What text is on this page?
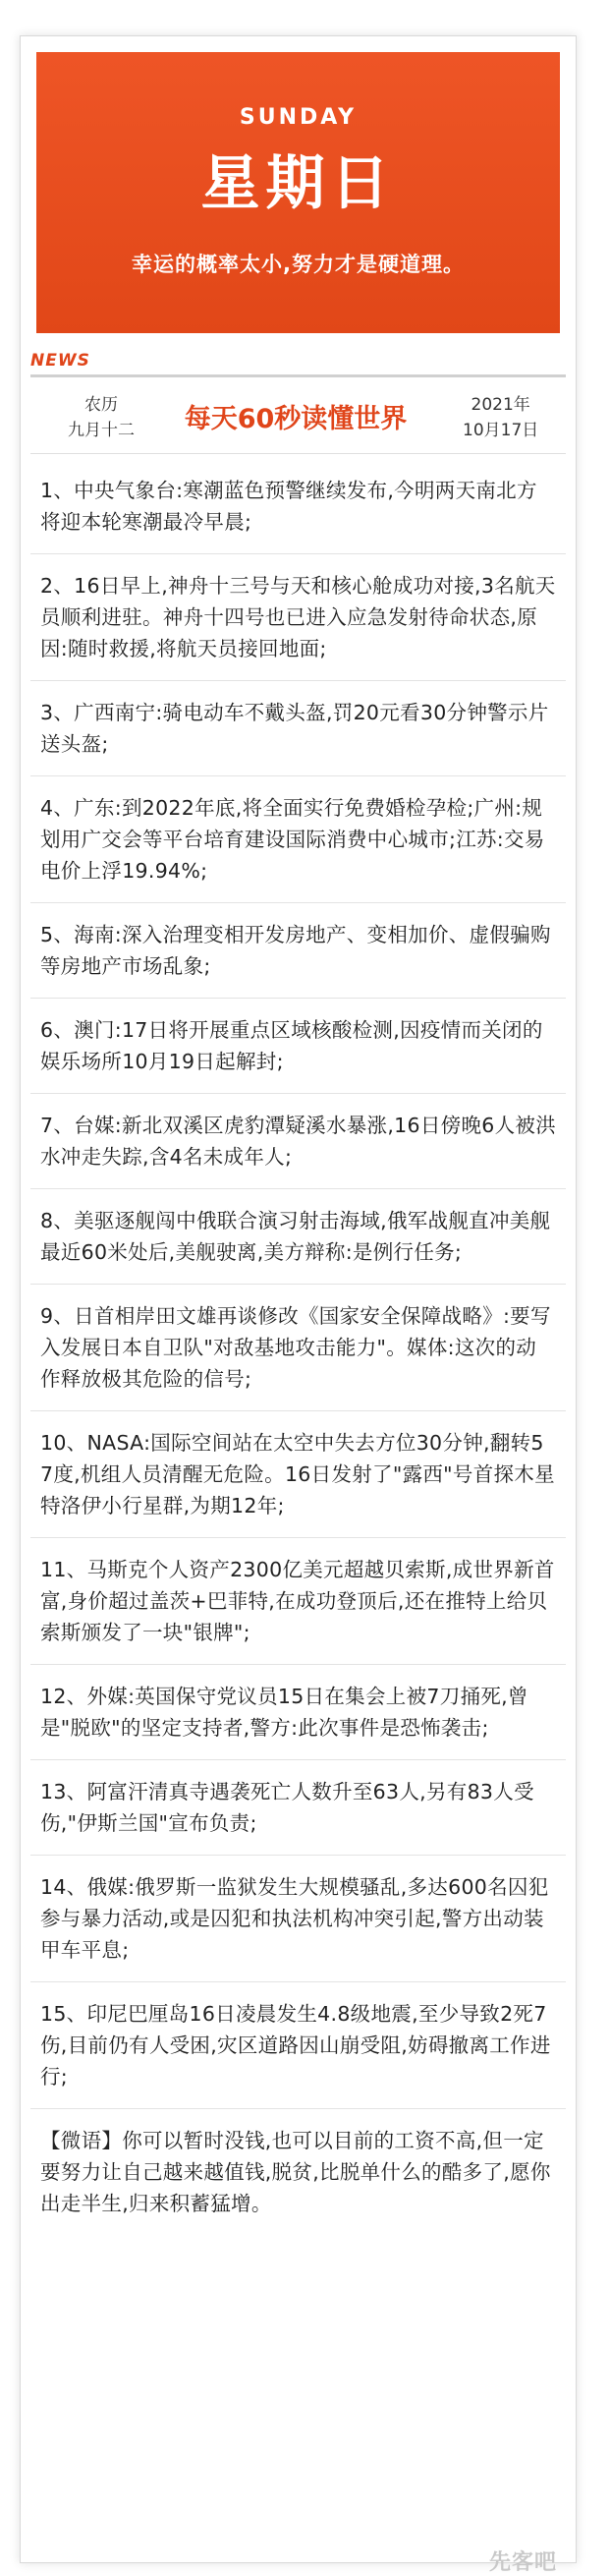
SUNDAY
星期日
幸运的概率太小,努力才是硬道理。
NEWS
农历
九月十二	每天60秒读懂世界	2021年
10月17日
1、中央气象台:寒潮蓝色预警继续发布,今明两天南北方将迎本轮寒潮最冷早晨;
2、16日早上,神舟十三号与天和核心舱成功对接,3名航天员顺利进驻。神舟十四号也已进入应急发射待命状态,原因:随时救援,将航天员接回地面;
3、广西南宁:骑电动车不戴头盔,罚20元看30分钟警示片送头盔;
4、广东:到2022年底,将全面实行免费婚检孕检;广州:规划用广交会等平台培育建设国际消费中心城市;江苏:交易电价上浮19.94%;
5、海南:深入治理变相开发房地产、变相加价、虚假骗购等房地产市场乱象;
6、澳门:17日将开展重点区域核酸检测,因疫情而关闭的娱乐场所10月19日起解封;
7、台媒:新北双溪区虎豹潭疑溪水暴涨,16日傍晚6人被洪水冲走失踪,含4名未成年人;
8、美驱逐舰闯中俄联合演习射击海域,俄军战舰直冲美舰最近60米处后,美舰驶离,美方辩称:是例行任务;
9、日首相岸田文雄再谈修改《国家安全保障战略》:要写入发展日本自卫队"对敌基地攻击能力"。媒体:这次的动作释放极其危险的信号;
10、NASA:国际空间站在太空中失去方位30分钟,翻转57度,机组人员清醒无危险。16日发射了"露西"号首探木星特洛伊小行星群,为期12年;
11、马斯克个人资产2300亿美元超越贝索斯,成世界新首富,身价超过盖茨+巴菲特,在成功登顶后,还在推特上给贝索斯颁发了一块"银牌";
12、外媒:英国保守党议员15日在集会上被7刀捅死,曾是"脱欧"的坚定支持者,警方:此次事件是恐怖袭击;
13、阿富汗清真寺遇袭死亡人数升至63人,另有83人受伤,"伊斯兰国"宣布负责;
14、俄媒:俄罗斯一监狱发生大规模骚乱,多达600名囚犯参与暴力活动,或是囚犯和执法机构冲突引起,警方出动装甲车平息;
15、印尼巴厘岛16日凌晨发生4.8级地震,至少导致2死7伤,目前仍有人受困,灾区道路因山崩受阻,妨碍撤离工作进行;
【微语】你可以暂时没钱,也可以目前的工资不高,但一定要努力让自己越来越值钱,脱贫,比脱单什么的酷多了,愿你出走半生,归来积蓄猛增。
先客吧
